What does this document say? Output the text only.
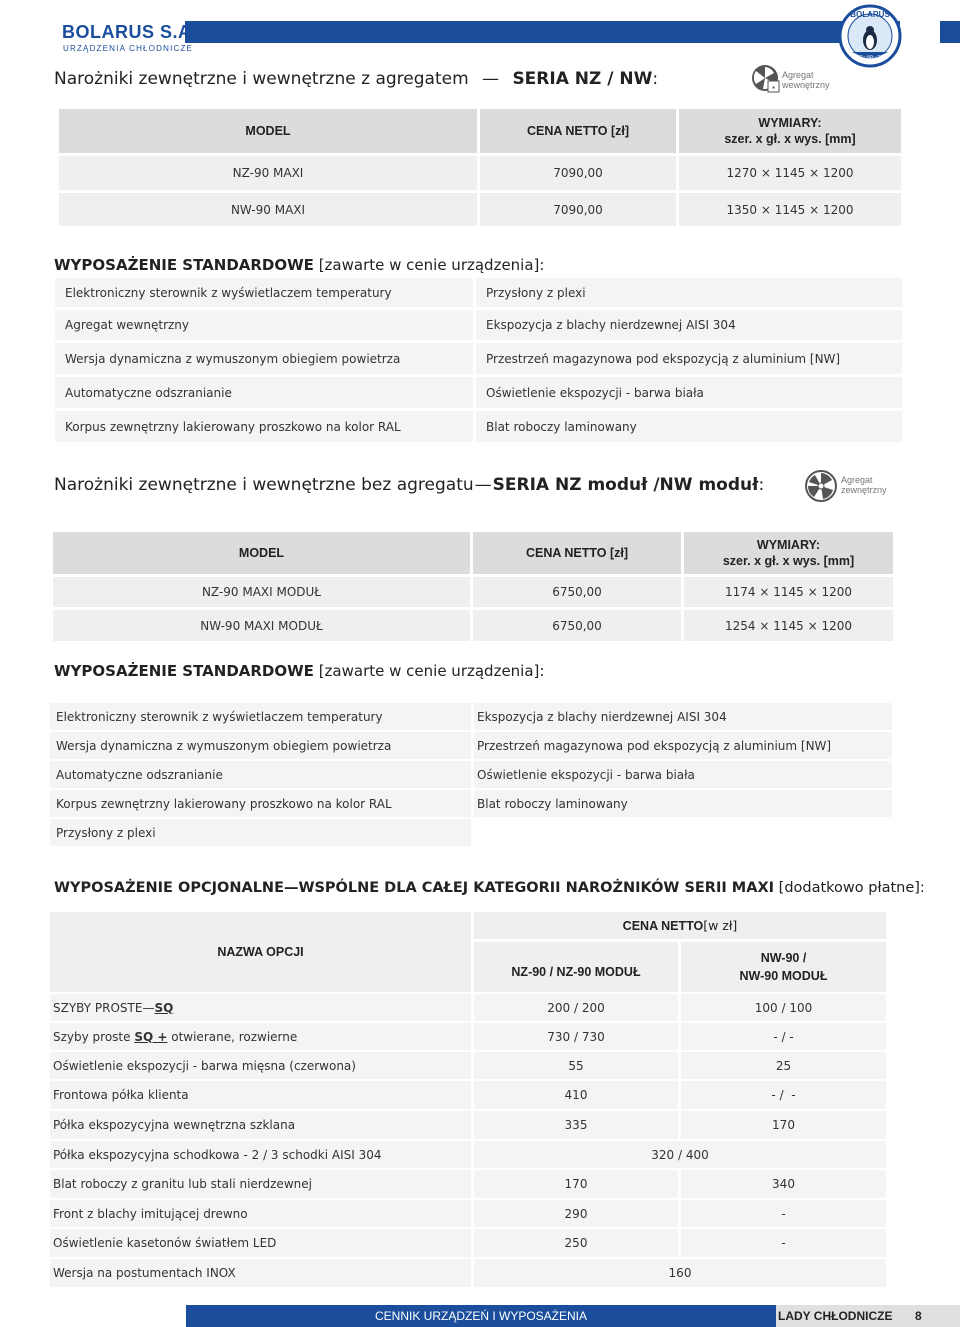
BOLARUS S.A.
URZĄDZENIA CHŁODNICZE
BOLARUS
1962 · 50 · 2012
Narożniki zewnętrzne i wewnętrzne z agregatem — SERIA NZ / NW:	▪
Agregat
wewnętrzny
MODEL	CENA NETTO [zł]
WYMIARY:
szer. x gł. x wys. [mm]
NZ-90 MAXI	7090,00	1270 × 1145 × 1200
NW-90 MAXI	7090,00	1350 × 1145 × 1200
WYPOSAŻENIE STANDARDOWE [zawarte w cenie urządzenia]:
Elektroniczny sterownik z wyświetlaczem temperatury	Przysłony z plexi
Agregat wewnętrzny	Ekspozycja z blachy nierdzewnej AISI 304
Wersja dynamiczna z wymuszonym obiegiem powietrza	Przestrzeń magazynowa pod ekspozycją z aluminium [NW]
Automatyczne odszranianie	Oświetlenie ekspozycji - barwa biała
Korpus zewnętrzny lakierowany proszkowo na kolor RAL	Blat roboczy laminowany
Narożniki zewnętrzne i wewnętrzne bez agregatu—SERIA NZ moduł /NW moduł:	Agregat
zewnętrzny
MODEL	CENA NETTO [zł]
WYMIARY:
szer. x gł. x wys. [mm]
NZ-90 MAXI MODUŁ	6750,00	1174 × 1145 × 1200
NW-90 MAXI MODUŁ	6750,00	1254 × 1145 × 1200
WYPOSAŻENIE STANDARDOWE [zawarte w cenie urządzenia]:
Elektroniczny sterownik z wyświetlaczem temperatury	Ekspozycja z blachy nierdzewnej AISI 304
Wersja dynamiczna z wymuszonym obiegiem powietrza	Przestrzeń magazynowa pod ekspozycją z aluminium [NW]
Automatyczne odszranianie	Oświetlenie ekspozycji - barwa biała
Korpus zewnętrzny lakierowany proszkowo na kolor RAL	Blat roboczy laminowany
Przysłony z plexi
WYPOSAŻENIE OPCJONALNE—WSPÓLNE DLA CAŁEJ KATEGORII NAROŻNIKÓW SERII MAXI [dodatkowo płatne]:
NAZWA OPCJI
CENA NETTO [w zł]
NZ-90 / NZ-90 MODUŁ
NW-90 /
NW-90 MODUŁ
SZYBY PROSTE— SQ	200 / 200	100 / 100
Szyby proste SQ + otwierane, rozwierne	730 / 730	- / -
Oświetlenie ekspozycji - barwa mięsna (czerwona)	55	25
Frontowa półka klienta	410	- /  -
Półka ekspozycyjna wewnętrzna szklana	335	170
Półka ekspozycyjna schodkowa - 2 / 3 schodki AISI 304	320 / 400
Blat roboczy z granitu lub stali nierdzewnej	170	340
Front z blachy imitującej drewno	290	-
Oświetlenie kasetonów światłem LED	250	-
Wersja na postumentach INOX	160
CENNIK URZĄDZEŃ I WYPOSAŻENIA	LADY CHŁODNICZE 8
